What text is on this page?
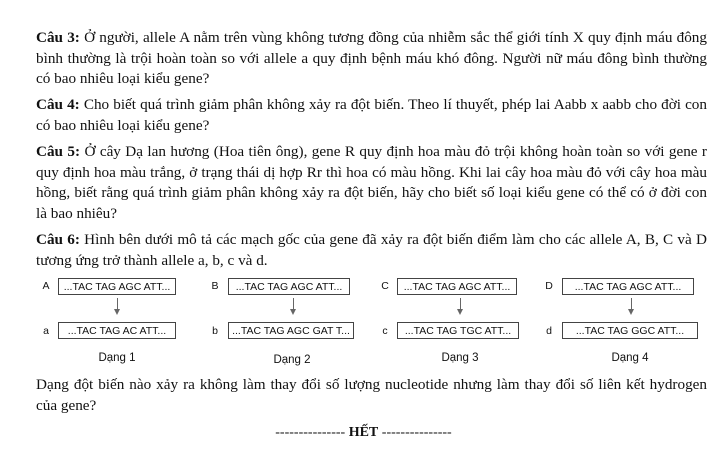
Câu 3: Ở người, allele A nằm trên vùng không tương đồng của nhiễm sắc thể giới tính X quy định máu đông bình thường là trội hoàn toàn so với allele a quy định bệnh máu khó đông. Người nữ máu đông bình thường có bao nhiêu loại kiểu gene?

Câu 4: Cho biết quá trình giảm phân không xảy ra đột biến. Theo lí thuyết, phép lai Aabb x aabb cho đời con có bao nhiêu loại kiểu gene?

Câu 5: Ở cây Dạ lan hương (Hoa tiên ông), gene R quy định hoa màu đỏ trội không hoàn toàn so với gene r quy định hoa màu trắng, ở trạng thái dị hợp Rr thì hoa có màu hồng. Khi lai cây hoa màu đỏ với cây hoa màu hồng, biết rằng quá trình giảm phân không xảy ra đột biến, hãy cho biết số loại kiểu gene có thể có ở đời con là bao nhiêu?

Câu 6: Hình bên dưới mô tả các mạch gốc của gene đã xảy ra đột biến điểm làm cho các allele A, B, C và D tương ứng trở thành allele a, b, c và d.

A	...TAC TAG AGC ATT...
a	...TAC TAG AC ATT...
Dạng 1
B	...TAC TAG AGC ATT...
b	...TAC TAG AGC GAT T...
Dạng 2
C	...TAC TAG AGC ATT...
c	...TAC TAG TGC ATT...
Dạng 3
D	...TAC TAG AGC ATT...
d	...TAC TAG GGC ATT...
Dạng 4

Dạng đột biến nào xảy ra không làm thay đổi số lượng nucleotide nhưng làm thay đổi số liên kết hydrogen của gene?

--------------- HẾT ---------------
